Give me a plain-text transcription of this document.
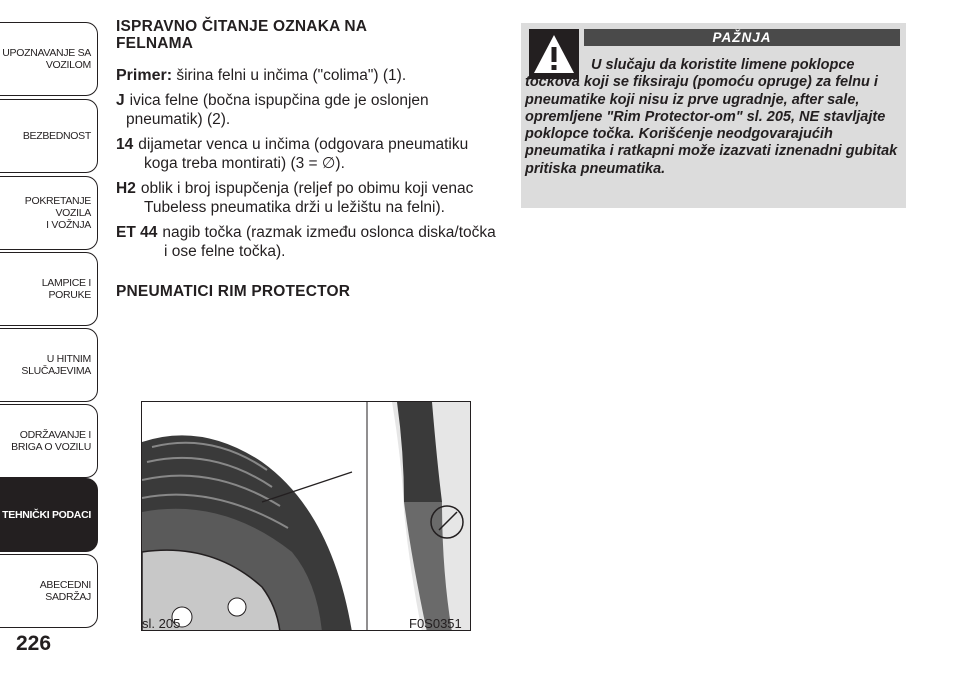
UPOZNAVANJE SA
VOZILOM
BEZBEDNOST
POKRETANJE VOZILA
I VOŽNJA
LAMPICE I PORUKE
U HITNIM
SLUČAJEVIMA
ODRŽAVANJE I
BRIGA O VOZILU
TEHNIČKI PODACI
ABECEDNI SADRŽAJ
226
ISPRAVNO ČITANJE OZNAKA NA FELNAMA
Primer: širina felni u inčima ("colima") (1).
J ivica felne (bočna ispupčina gde je oslonjen pneumatik) (2).
14 dijametar venca u inčima (odgovara pneumatiku koga treba montirati) (3 = ∅).
H2 oblik i broj ispupčenja (reljef po obimu koji venac Tubeless pneumatika drži u ležištu na felni).
ET 44 nagib točka (razmak između oslonca diska/točka i ose felne točka).
PNEUMATICI RIM PROTECTOR
PAŽNJA
U slučaju da koristite limene poklopce točkova koji se fiksiraju (pomoću opruge) za felnu i pneumatike koji nisu iz prve ugradnje, after sale, opremljene "Rim Protector-om" sl. 205, NE stavljajte poklopce točka. Korišćenje neodgovarajućih pneumatika i ratkapni može izazvati iznenadni gubitak pritiska pneumatika.
sl. 205	F0S0351
